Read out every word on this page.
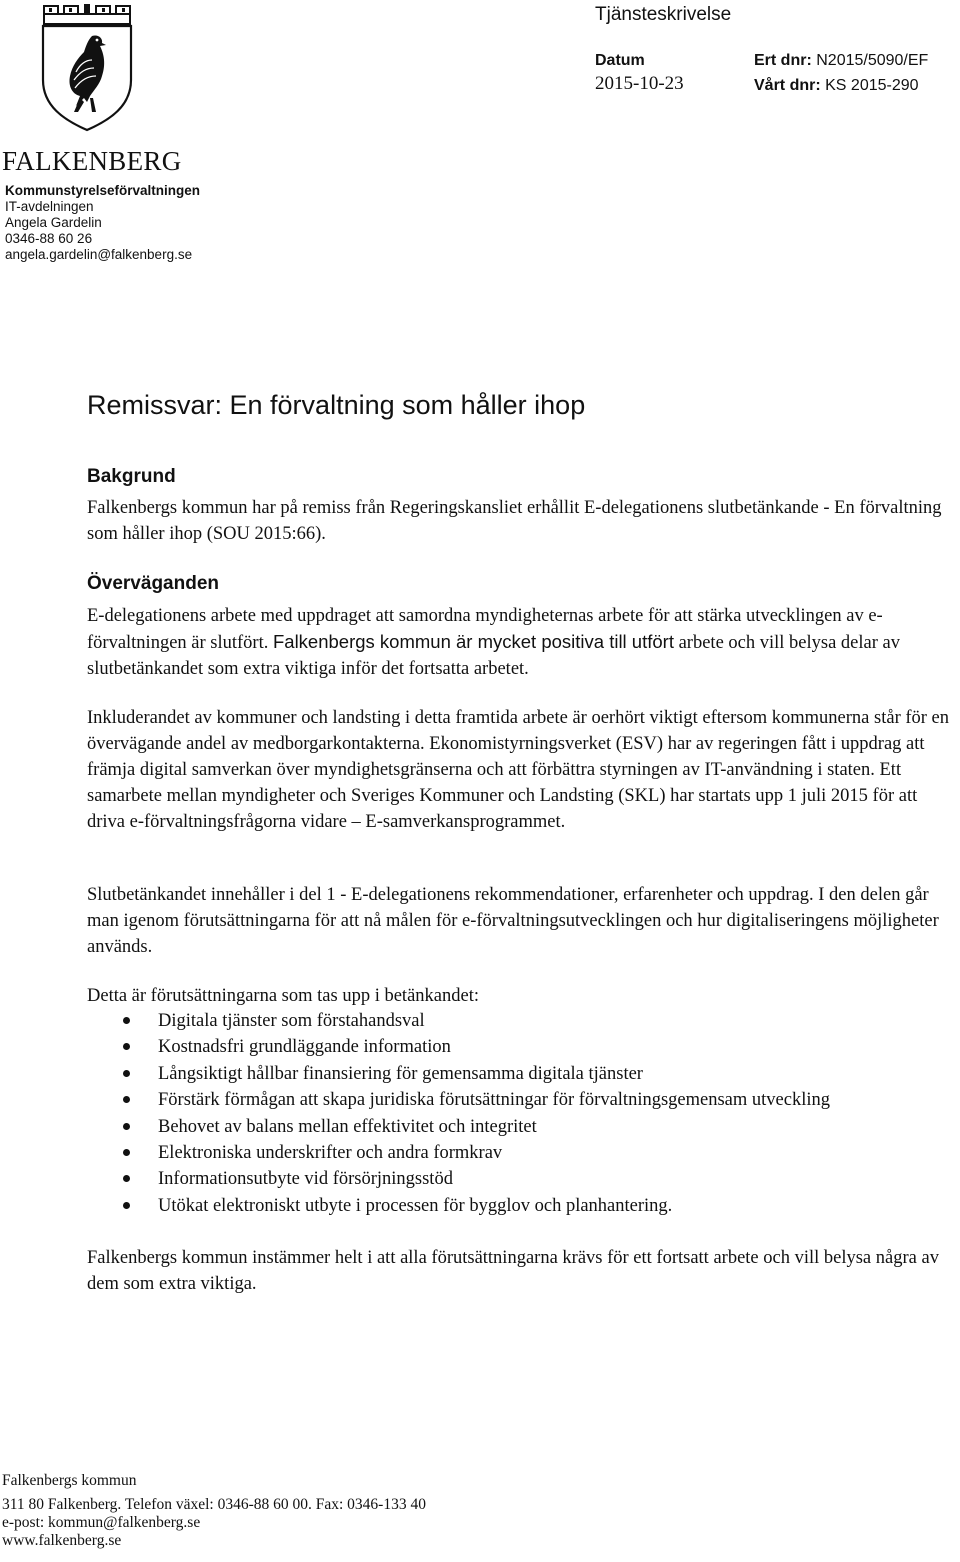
FALKENBERG
Kommunstyrelseförvaltningen
IT-avdelningen
Angela Gardelin
0346-88 60 26
angela.gardelin@falkenberg.se
Tjänsteskrivelse
Datum
2015-10-23
Ert dnr: N2015/5090/EF
Vårt dnr: KS 2015-290
Remissvar: En förvaltning som håller ihop
Bakgrund

Falkenbergs kommun har på remiss från Regeringskansliet erhållit E-delegationens slutbetänkande - En förvaltning som håller ihop (SOU 2015:66).

Överväganden

E-delegationens arbete med uppdraget att samordna myndigheternas arbete för att stärka utvecklingen av e-förvaltningen är slutfört. Falkenbergs kommun är mycket positiva till utfört arbete och vill belysa delar av slutbetänkandet som extra viktiga inför det fortsatta arbetet.

Inkluderandet av kommuner och landsting i detta framtida arbete är oerhört viktigt eftersom kommunerna står för en övervägande andel av medborgarkontakterna. Ekonomistyrningsverket (ESV) har av regeringen fått i uppdrag att främja digital samverkan över myndighetsgränserna och att förbättra styrningen av IT-användning i staten. Ett samarbete mellan myndigheter och Sveriges Kommuner och Landsting (SKL) har startats upp 1 juli 2015 för att driva e-förvaltningsfrågorna vidare – E-samverkansprogrammet.

Slutbetänkandet innehåller i del 1 - E-delegationens rekommendationer, erfarenheter och uppdrag. I den delen går man igenom förutsättningarna för att nå målen för e-förvaltningsutvecklingen och hur digitaliseringens möjligheter används.

Detta är förutsättningarna som tas upp i betänkandet:

Digitala tjänster som förstahandsval
Kostnadsfri grundläggande information
Långsiktigt hållbar finansiering för gemensamma digitala tjänster
Förstärk förmågan att skapa juridiska förutsättningar för förvaltningsgemensam utveckling
Behovet av balans mellan effektivitet och integritet
Elektroniska underskrifter och andra formkrav
Informationsutbyte vid försörjningsstöd
Utökat elektroniskt utbyte i processen för bygglov och planhantering.

Falkenbergs kommun instämmer helt i att alla förutsättningarna krävs för ett fortsatt arbete och vill belysa några av dem som extra viktiga.

Falkenbergs kommun
311 80 Falkenberg. Telefon växel: 0346-88 60 00. Fax: 0346-133 40
e-post: kommun@falkenberg.se
www.falkenberg.se
